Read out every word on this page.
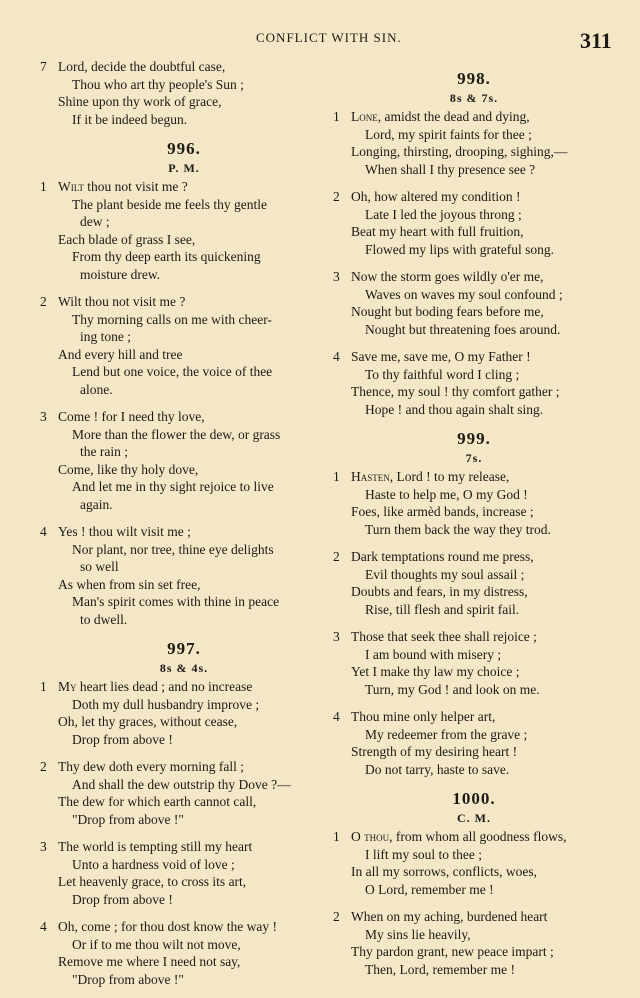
CONFLICT WITH SIN.	311
7 Lord, decide the doubtful case,
Thou who art thy people's Sun ;
Shine upon thy work of grace,
If it be indeed begun.
996.
P. M.
1 Wilt thou not visit me ?
The plant beside me feels thy gentle
dew ;
Each blade of grass I see,
From thy deep earth its quickening
moisture drew.
2 Wilt thou not visit me ?
Thy morning calls on me with cheer-
ing tone ;
And every hill and tree
Lend but one voice, the voice of thee
alone.
3 Come ! for I need thy love,
More than the flower the dew, or grass
the rain ;
Come, like thy holy dove,
And let me in thy sight rejoice to live
again.
4 Yes ! thou wilt visit me ;
Nor plant, nor tree, thine eye delights
so well
As when from sin set free,
Man's spirit comes with thine in peace
to dwell.
997.
8s & 4s.
1 My heart lies dead ; and no increase
Doth my dull husbandry improve ;
Oh, let thy graces, without cease,
Drop from above !
2 Thy dew doth every morning fall ;
And shall the dew outstrip thy Dove ?—
The dew for which earth cannot call,
"Drop from above !"
3 The world is tempting still my heart
Unto a hardness void of love ;
Let heavenly grace, to cross its art,
Drop from above !
4 Oh, come ; for thou dost know the way !
Or if to me thou wilt not move,
Remove me where I need not say,
"Drop from above !"
998.
8s & 7s.
1 Lone, amidst the dead and dying,
Lord, my spirit faints for thee ;
Longing, thirsting, drooping, sighing,—
When shall I thy presence see ?
2 Oh, how altered my condition !
Late I led the joyous throng ;
Beat my heart with full fruition,
Flowed my lips with grateful song.
3 Now the storm goes wildly o'er me,
Waves on waves my soul confound ;
Nought but boding fears before me,
Nought but threatening foes around.
4 Save me, save me, O my Father !
To thy faithful word I cling ;
Thence, my soul ! thy comfort gather ;
Hope ! and thou again shalt sing.
999.
7s.
1 Hasten, Lord ! to my release,
Haste to help me, O my God !
Foes, like armèd bands, increase ;
Turn them back the way they trod.
2 Dark temptations round me press,
Evil thoughts my soul assail ;
Doubts and fears, in my distress,
Rise, till flesh and spirit fail.
3 Those that seek thee shall rejoice ;
I am bound with misery ;
Yet I make thy law my choice ;
Turn, my God ! and look on me.
4 Thou mine only helper art,
My redeemer from the grave ;
Strength of my desiring heart !
Do not tarry, haste to save.
1000.
C. M.
1 O thou, from whom all goodness flows,
I lift my soul to thee ;
In all my sorrows, conflicts, woes,
O Lord, remember me !
2 When on my aching, burdened heart
My sins lie heavily,
Thy pardon grant, new peace impart ;
Then, Lord, remember me !
